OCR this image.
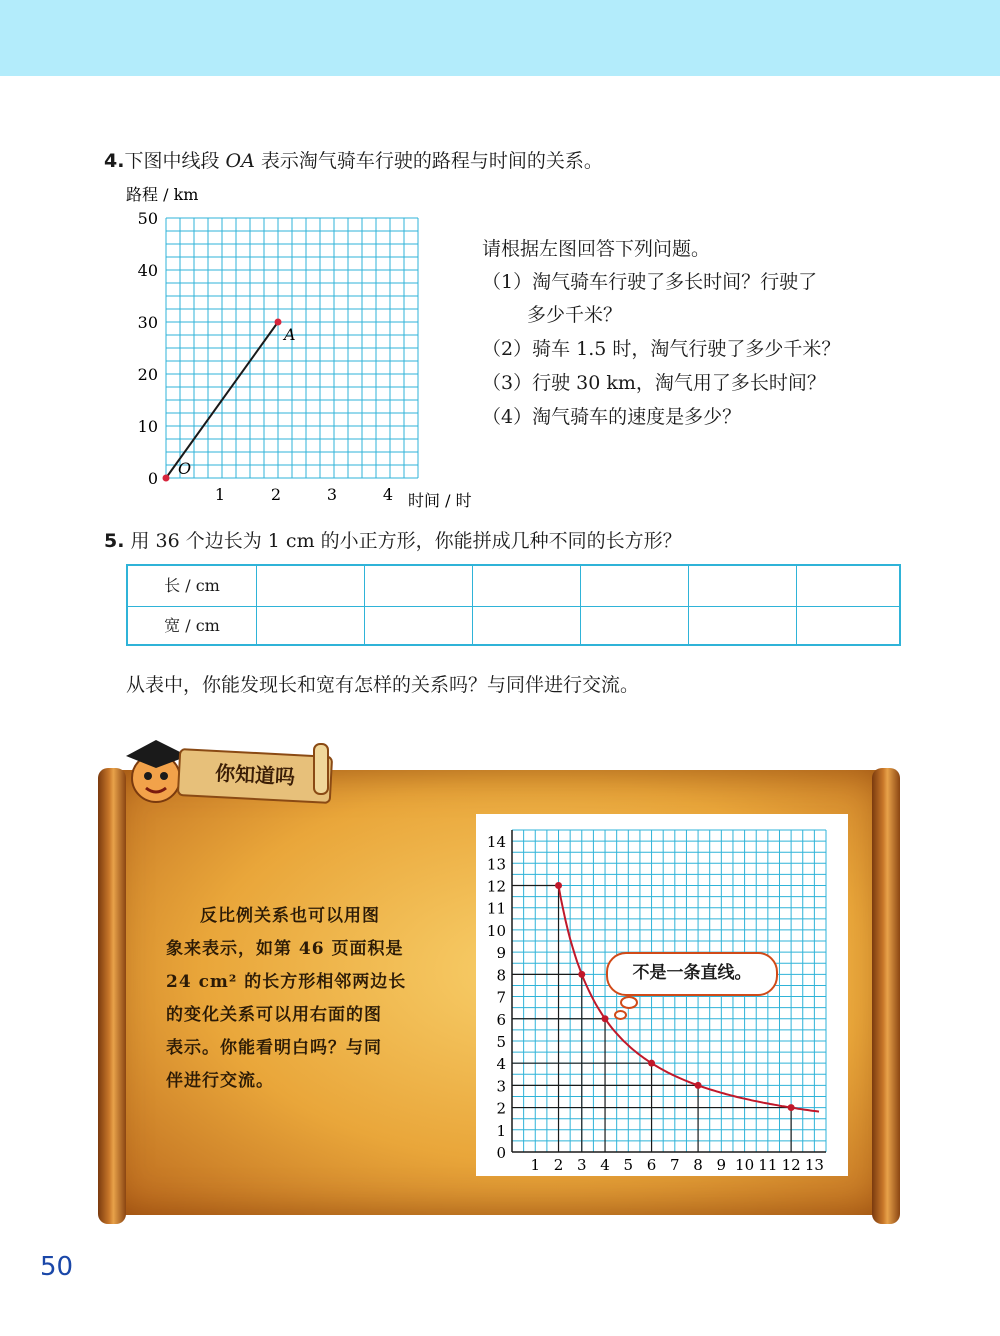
4.下图中线段 OA 表示淘气骑车行驶的路程与时间的关系。
路程 / km
时间 / 时
0
10
20
30
40
50
1	2	3	4
O
A
请根据左图回答下列问题。
（1）淘气骑车行驶了多长时间？行驶了
多少千米？
（2）骑车 1.5 时，淘气行驶了多少千米？
（3）行驶 30 km，淘气用了多长时间？
（4）淘气骑车的速度是多少？
5. 用 36 个边长为 1 cm 的小正方形，你能拼成几种不同的长方形？
长 / cm
宽 / cm
从表中，你能发现长和宽有怎样的关系吗？与同伴进行交流。
你知道吗
反比例关系也可以用图
象来表示，如第 46 页面积是
24 cm² 的长方形相邻两边长
的变化关系可以用右面的图
表示。你能看明白吗？与同
伴进行交流。
0
1
2
3
4
5
6
7
8
9
10
11
12
13
14
1 2 3 4 5 6 7 8 9 10 11 12 13
不是一条直线。
50
